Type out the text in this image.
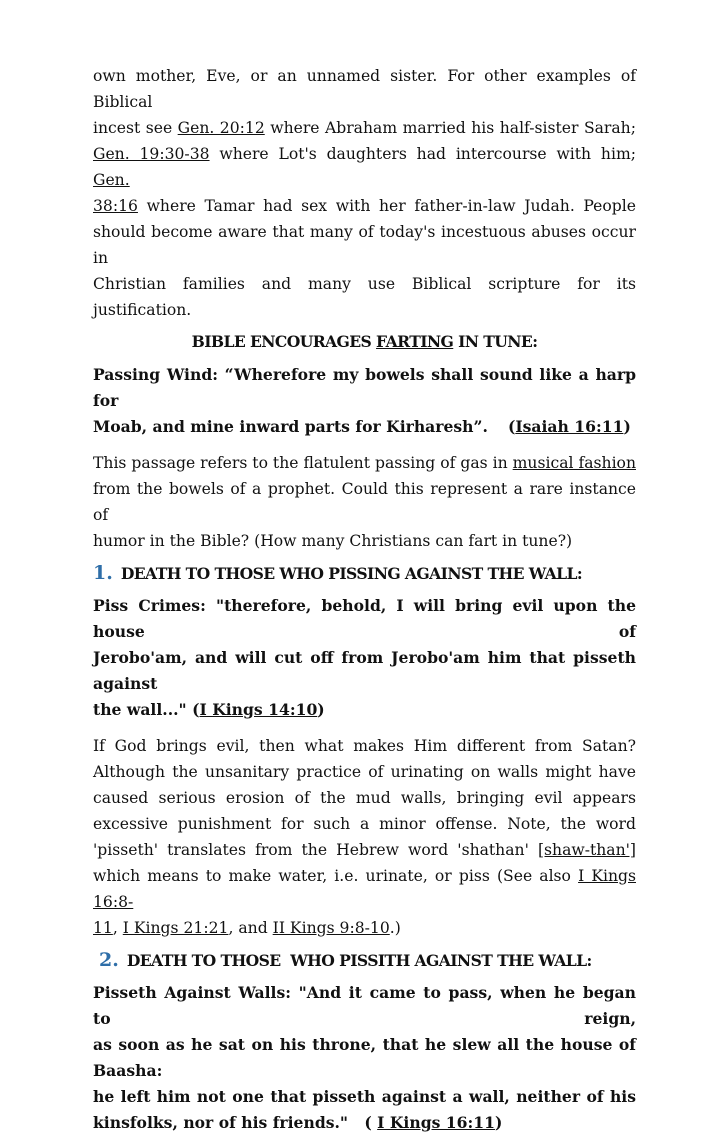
own mother, Eve, or an unnamed sister. For other examples of Biblical

incest see Gen. 20:12 where Abraham married his half-sister Sarah;

Gen. 19:30-38 where Lot's daughters had intercourse with him; Gen.

38:16 where Tamar had sex with her father-in-law Judah. People

should become aware that many of today's incestuous abuses occur in

Christian families and many use Biblical scripture for its justification.

BIBLE ENCOURAGES FARTING IN TUNE:

Passing Wind: “Wherefore my bowels shall sound like a harp for

Moab, and mine inward parts for Kirharesh”. (Isaiah 16:11)

This passage refers to the flatulent passing of gas in musical fashion

from the bowels of a prophet. Could this represent a rare instance of

humor in the Bible? (How many Christians can fart in tune?)

1. DEATH TO THOSE WHO PISSING AGAINST THE WALL:

Piss Crimes: "therefore, behold, I will bring evil upon the house of

Jerobo'am, and will cut off from Jerobo'am him that pisseth against

the wall..." (I Kings 14:10)

If God brings evil, then what makes Him different from Satan?

Although the unsanitary practice of urinating on walls might have

caused serious erosion of the mud walls, bringing evil appears

excessive punishment for such a minor offense. Note, the word

'pisseth' translates from the Hebrew word 'shathan' [shaw-than']

which means to make water, i.e. urinate, or piss (See also I Kings 16:8-

11, I Kings 21:21, and II Kings 9:8-10.)

2. DEATH TO THOSE  WHO PISSITH AGAINST THE WALL:

Pisseth Against Walls: "And it came to pass, when he began to reign,

as soon as he sat on his throne, that he slew all the house of Baasha:

he left him not one that pisseth against a wall, neither of his

kinsfolks, nor of his friends."   ( I Kings 16:11)
